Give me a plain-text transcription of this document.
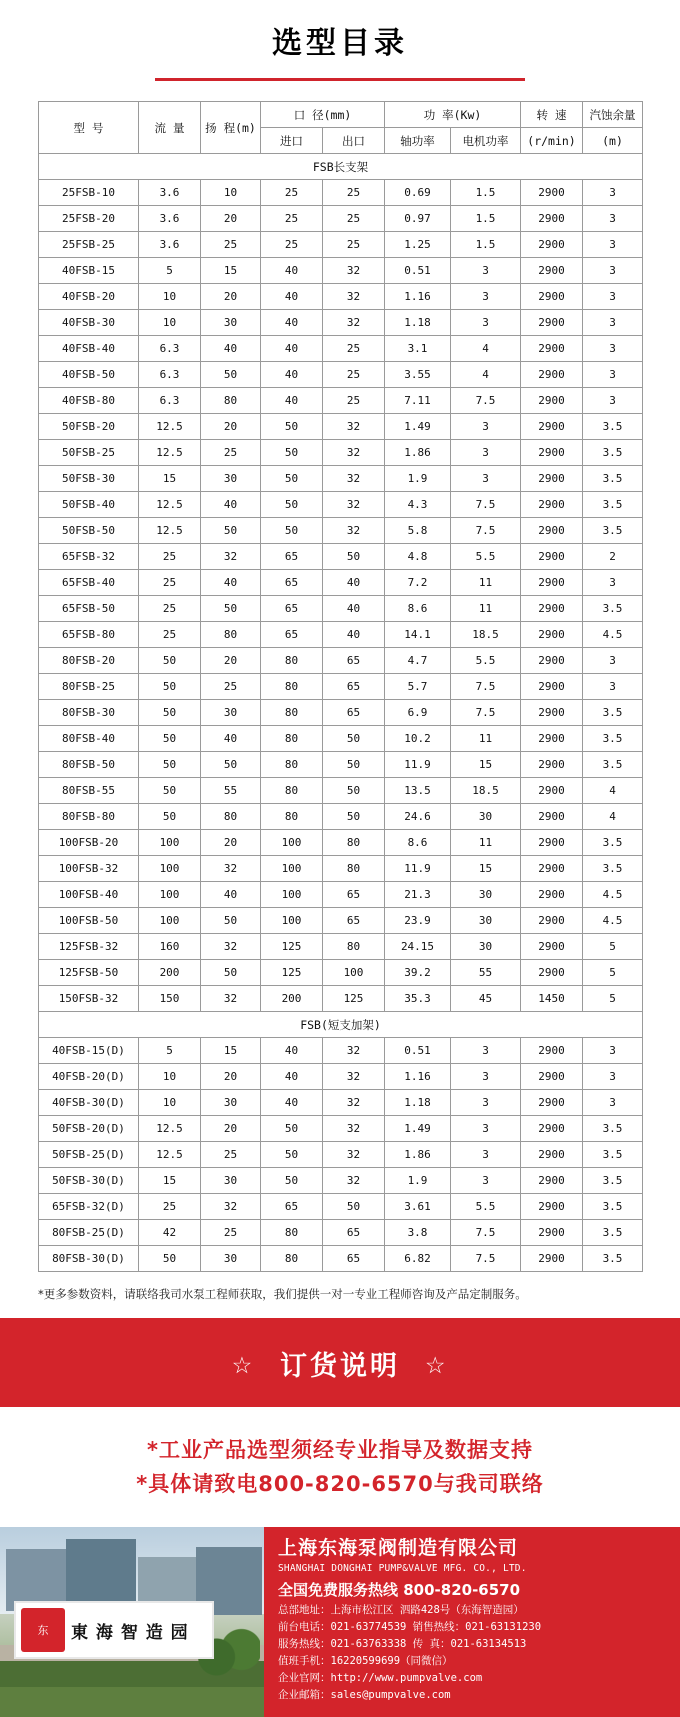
选型目录
型 号	流 量	扬 程(m)	口 径(mm)		功 率(Kw)		转 速	汽蚀余量
			进口	出口	轴功率	电机功率	(r/min)	(m)
FSB长支架								
25FSB-10	3.6	10	25	25	0.69	1.5	2900	3
25FSB-20	3.6	20	25	25	0.97	1.5	2900	3
25FSB-25	3.6	25	25	25	1.25	1.5	2900	3
40FSB-15	5	15	40	32	0.51	3	2900	3
40FSB-20	10	20	40	32	1.16	3	2900	3
40FSB-30	10	30	40	32	1.18	3	2900	3
40FSB-40	6.3	40	40	25	3.1	4	2900	3
40FSB-50	6.3	50	40	25	3.55	4	2900	3
40FSB-80	6.3	80	40	25	7.11	7.5	2900	3
50FSB-20	12.5	20	50	32	1.49	3	2900	3.5
50FSB-25	12.5	25	50	32	1.86	3	2900	3.5
50FSB-30	15	30	50	32	1.9	3	2900	3.5
50FSB-40	12.5	40	50	32	4.3	7.5	2900	3.5
50FSB-50	12.5	50	50	32	5.8	7.5	2900	3.5
65FSB-32	25	32	65	50	4.8	5.5	2900	2
65FSB-40	25	40	65	40	7.2	11	2900	3
65FSB-50	25	50	65	40	8.6	11	2900	3.5
65FSB-80	25	80	65	40	14.1	18.5	2900	4.5
80FSB-20	50	20	80	65	4.7	5.5	2900	3
80FSB-25	50	25	80	65	5.7	7.5	2900	3
80FSB-30	50	30	80	65	6.9	7.5	2900	3.5
80FSB-40	50	40	80	50	10.2	11	2900	3.5
80FSB-50	50	50	80	50	11.9	15	2900	3.5
80FSB-55	50	55	80	50	13.5	18.5	2900	4
80FSB-80	50	80	80	50	24.6	30	2900	4
100FSB-20	100	20	100	80	8.6	11	2900	3.5
100FSB-32	100	32	100	80	11.9	15	2900	3.5
100FSB-40	100	40	100	65	21.3	30	2900	4.5
100FSB-50	100	50	100	65	23.9	30	2900	4.5
125FSB-32	160	32	125	80	24.15	30	2900	5
125FSB-50	200	50	125	100	39.2	55	2900	5
150FSB-32	150	32	200	125	35.3	45	1450	5
FSB(短支加架)								
40FSB-15(D)	5	15	40	32	0.51	3	2900	3
40FSB-20(D)	10	20	40	32	1.16	3	2900	3
40FSB-30(D)	10	30	40	32	1.18	3	2900	3
50FSB-20(D)	12.5	20	50	32	1.49	3	2900	3.5
50FSB-25(D)	12.5	25	50	32	1.86	3	2900	3.5
50FSB-30(D)	15	30	50	32	1.9	3	2900	3.5
65FSB-32(D)	25	32	65	50	3.61	5.5	2900	3.5
80FSB-25(D)	42	25	80	65	3.8	7.5	2900	3.5
80FSB-30(D)	50	30	80	65	6.82	7.5	2900	3.5
*更多参数资料，请联络我司水泵工程师获取，我们提供一对一专业工程师咨询及产品定制服务。
☆ 订货说明 ☆
*工业产品选型须经专业指导及数据支持
*具体请致电800-820-6570与我司联络
东	東 海 智 造 园
上海东海泵阀制造有限公司
SHANGHAI DONGHAI PUMP&VALVE MFG. CO., LTD.
全国免费服务热线 800-820-6570
总部地址：上海市松江区 泗路428号（东海智造园）
前台电话：021-63774539 销售热线：021-63131230
服务热线：021-63763338 传 真：021-63134513
值班手机：16220599699（同微信）
企业官网：http://www.pumpvalve.com
企业邮箱：sales@pumpvalve.com
